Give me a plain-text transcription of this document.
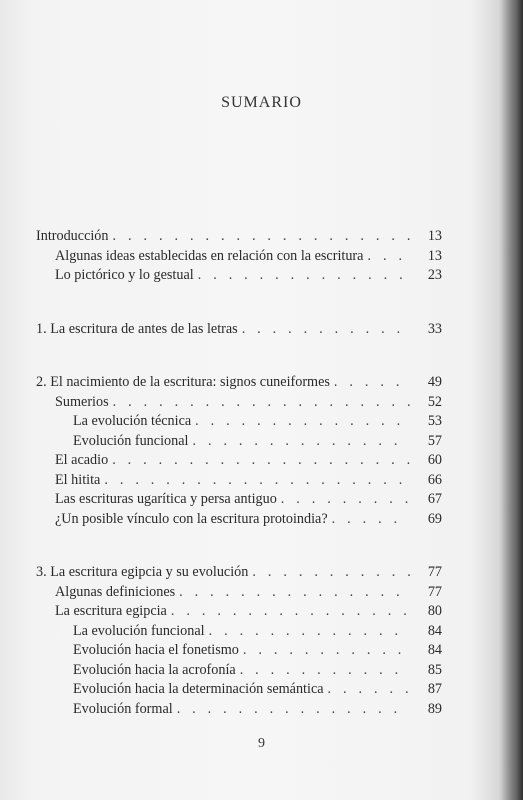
SUMARIO
Introducción . . .	13
Algunas ideas establecidas en relación con la escritura . . .	13
Lo pictórico y lo gestual . . .	23
1. La escritura de antes de las letras . . .	33
2. El nacimiento de la escritura: signos cuneiformes . . .	49
Sumerios . . .	52
La evolución técnica . . .	53
Evolución funcional . . .	57
El acadio . . .	60
El hitita . . .	66
Las escrituras ugarítica y persa antiguo . . .	67
¿Un posible vínculo con la escritura protoindia? . . .	69
3. La escritura egipcia y su evolución . . .	77
Algunas definiciones . . .	77
La escritura egipcia . . .	80
La evolución funcional . . .	84
Evolución hacia el fonetismo . . .	84
Evolución hacia la acrofonía . . .	85
Evolución hacia la determinación semántica . . .	87
Evolución formal . . .	89
9
